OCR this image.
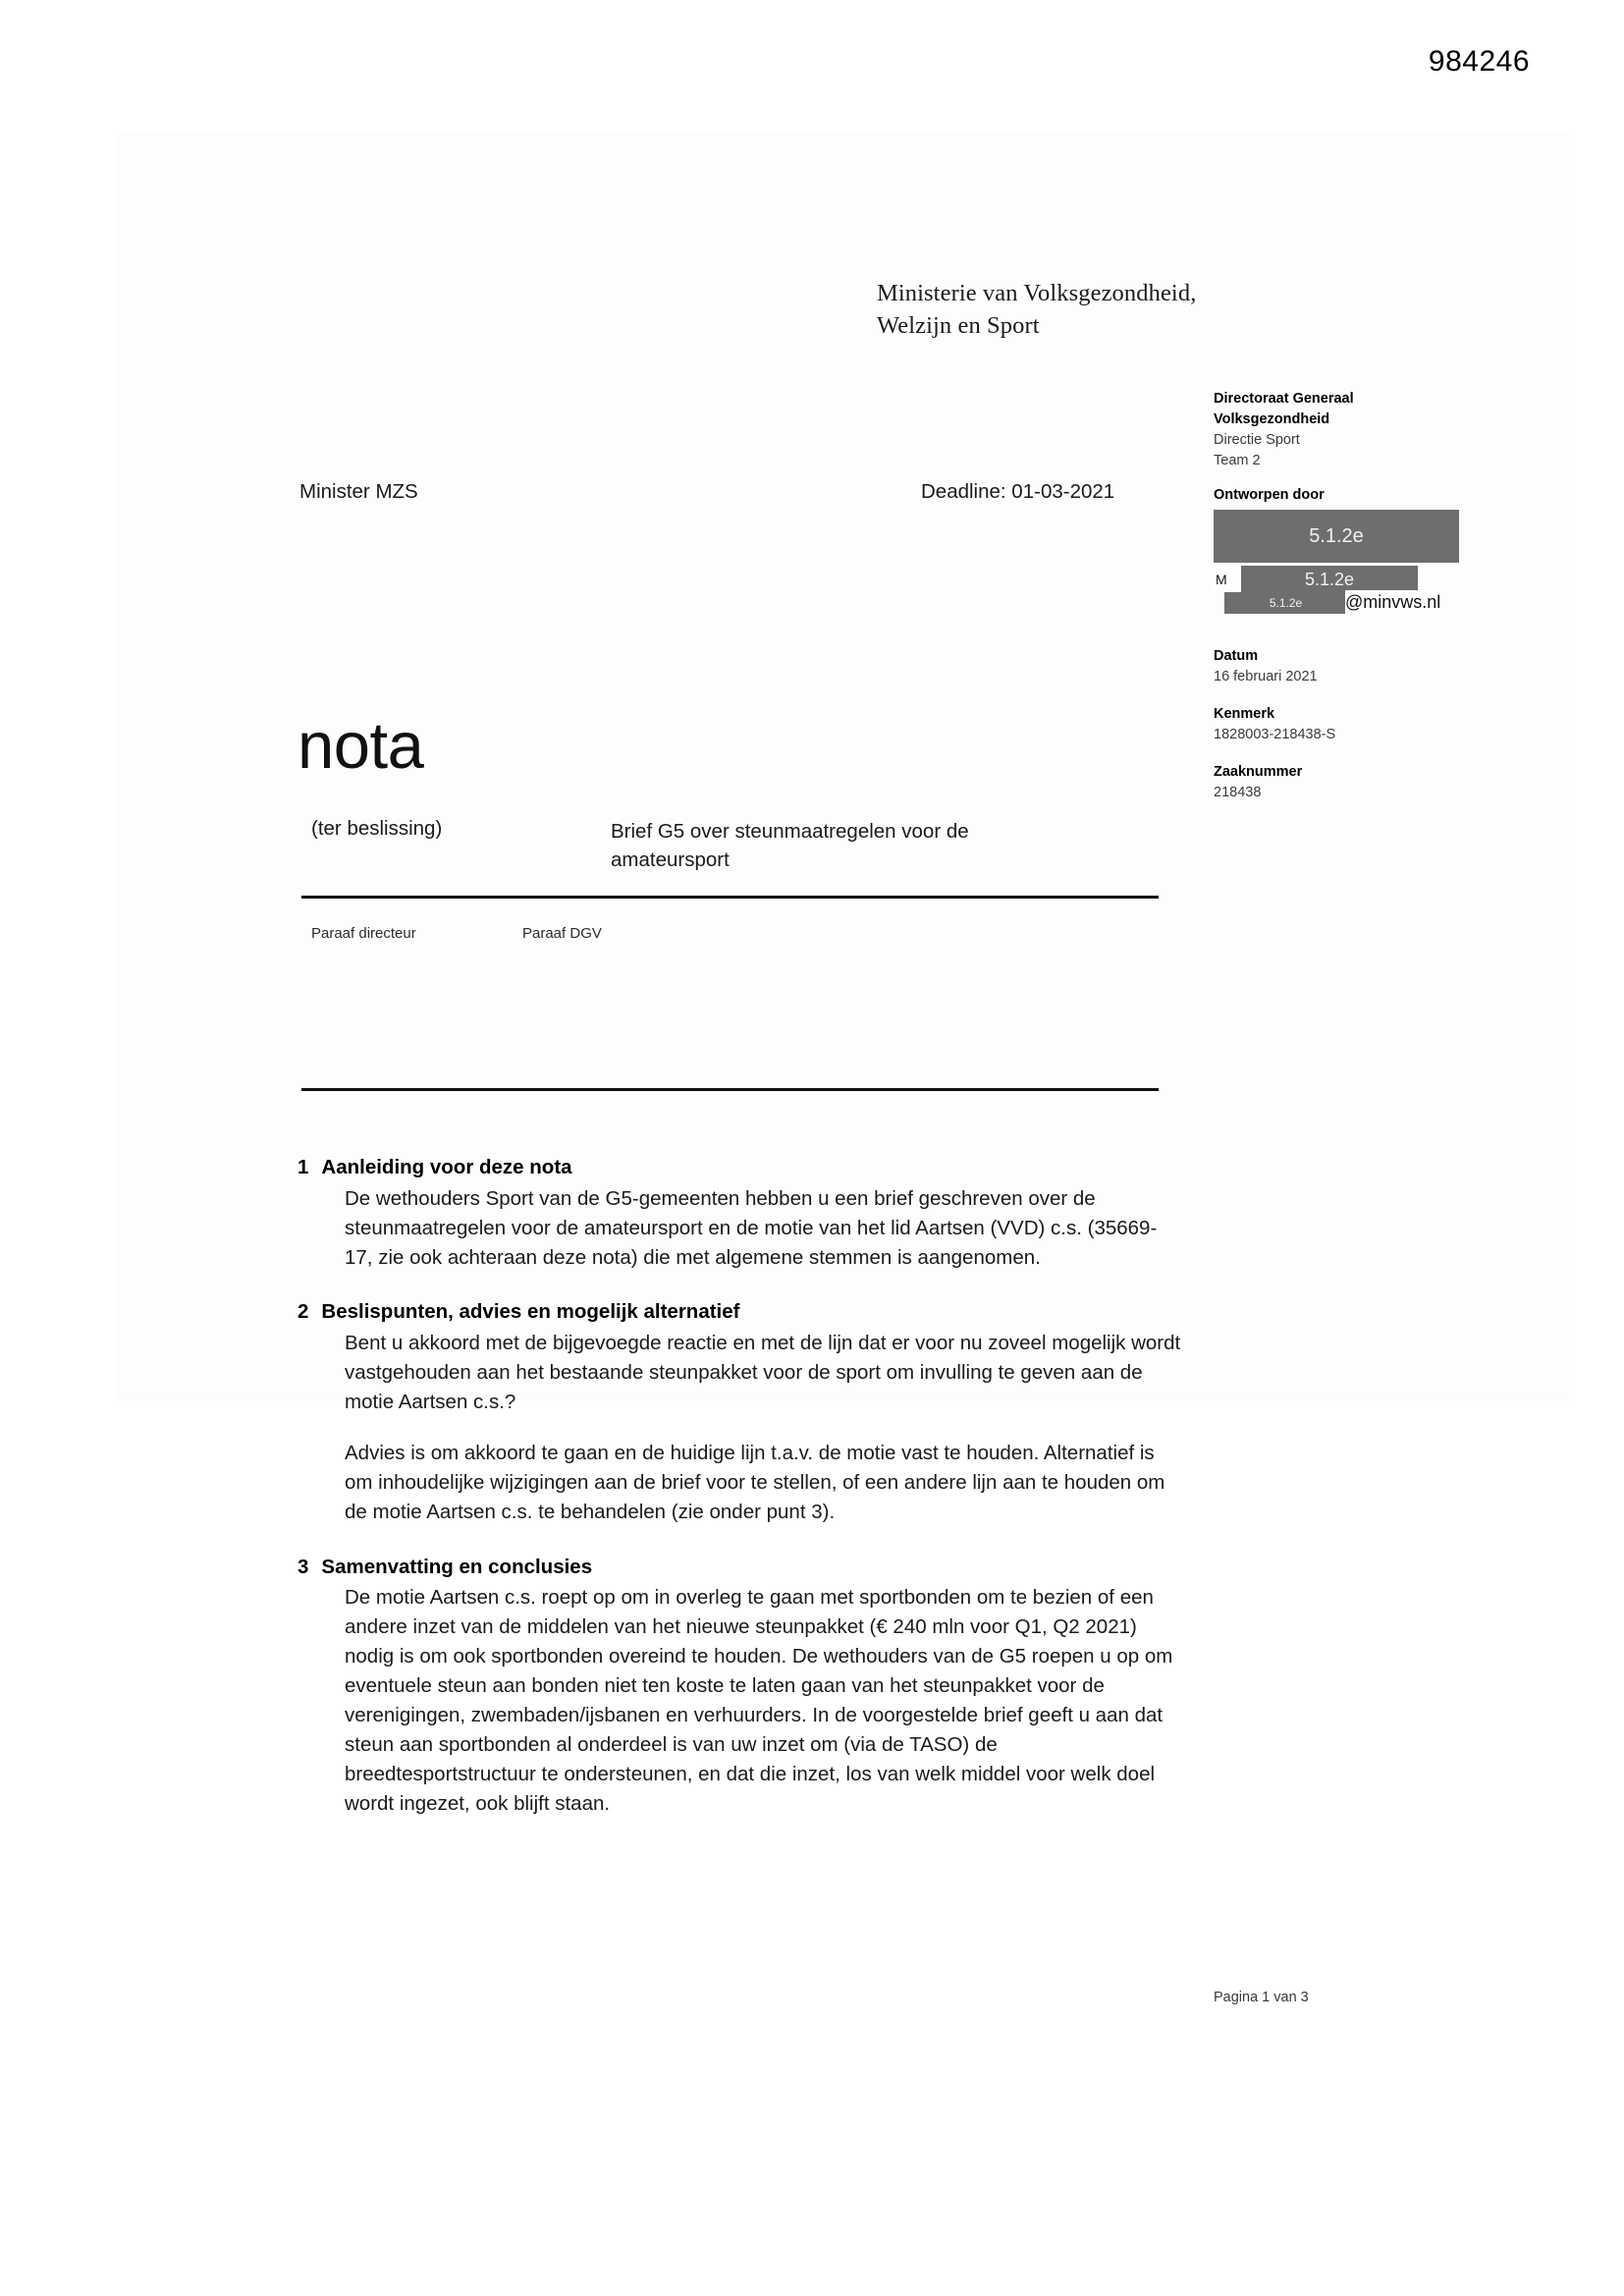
984246
Ministerie van Volksgezondheid,
Welzijn en Sport
Minister MZS	Deadline: 01-03-2021
Directoraat Generaal
Volksgezondheid
Directie Sport
Team 2
Ontworpen door
5.1.2e
M	5.1.2e
5.1.2e	@minvws.nl
Datum
16 februari 2021
Kenmerk
1828003-218438-S
Zaaknummer
218438
nota
(ter beslissing)	Brief G5 over steunmaatregelen voor de amateursport
Paraaf directeur	Paraaf DGV
1 Aanleiding voor deze nota

De wethouders Sport van de G5-gemeenten hebben u een brief geschreven over de steunmaatregelen voor de amateursport en de motie van het lid Aartsen (VVD) c.s. (35669-17, zie ook achteraan deze nota) die met algemene stemmen is aangenomen.

2 Beslispunten, advies en mogelijk alternatief

Bent u akkoord met de bijgevoegde reactie en met de lijn dat er voor nu zoveel mogelijk wordt vastgehouden aan het bestaande steunpakket voor de sport om invulling te geven aan de motie Aartsen c.s.?

Advies is om akkoord te gaan en de huidige lijn t.a.v. de motie vast te houden. Alternatief is om inhoudelijke wijzigingen aan de brief voor te stellen, of een andere lijn aan te houden om de motie Aartsen c.s. te behandelen (zie onder punt 3).

3 Samenvatting en conclusies

De motie Aartsen c.s. roept op om in overleg te gaan met sportbonden om te bezien of een andere inzet van de middelen van het nieuwe steunpakket (€ 240 mln voor Q1, Q2 2021) nodig is om ook sportbonden overeind te houden. De wethouders van de G5 roepen u op om eventuele steun aan bonden niet ten koste te laten gaan van het steunpakket voor de verenigingen, zwembaden/ijsbanen en verhuurders. In de voorgestelde brief geeft u aan dat steun aan sportbonden al onderdeel is van uw inzet om (via de TASO) de breedtesportstructuur te ondersteunen, en dat die inzet, los van welk middel voor welk doel wordt ingezet, ook blijft staan.

Pagina 1 van 3
